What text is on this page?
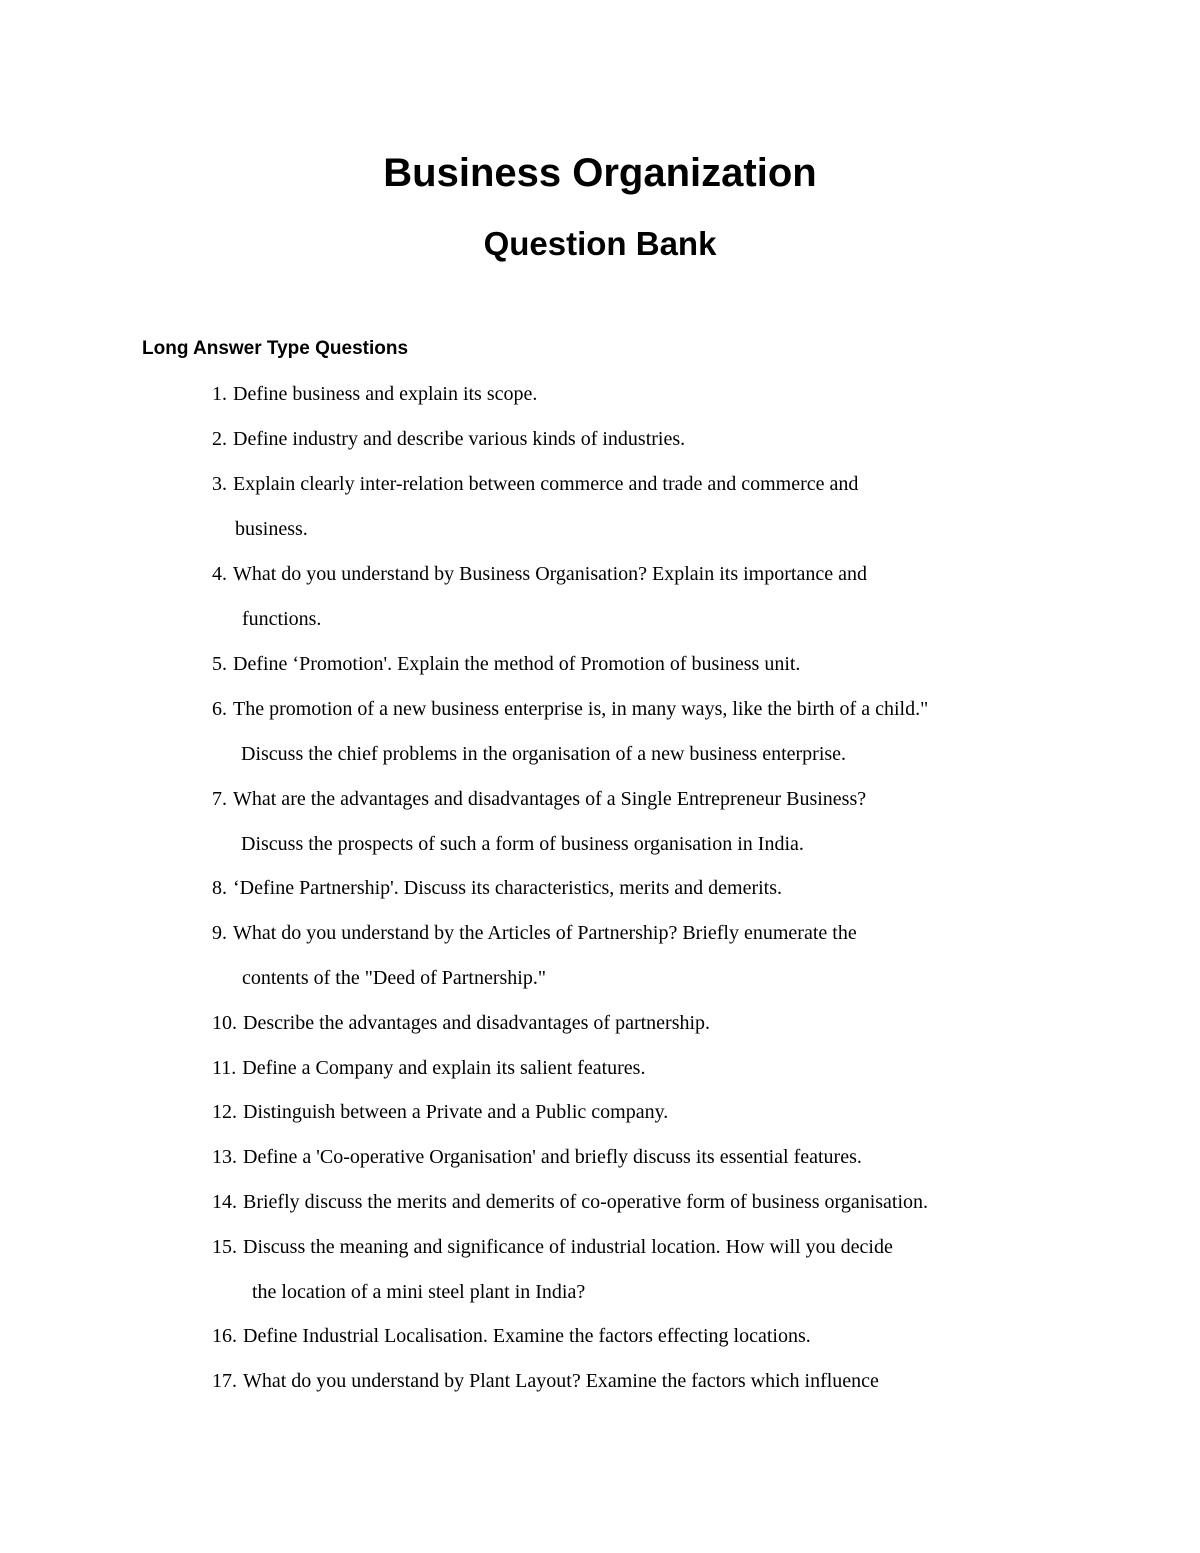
Business Organization
Question Bank
Long Answer Type Questions
1. Define business and explain its scope.
2. Define industry and describe various kinds of industries.
3. Explain clearly inter-relation between commerce and trade and commerce and
business.
4. What do you understand by Business Organisation? Explain its importance and
functions.
5. Define ‘Promotion'. Explain the method of Promotion of business unit.
6. The promotion of a new business enterprise is, in many ways, like the birth of a child."
Discuss the chief problems in the organisation of a new business enterprise.
7. What are the advantages and disadvantages of a Single Entrepreneur Business?
Discuss the prospects of such a form of business organisation in India.
8. ‘Define Partnership'. Discuss its characteristics, merits and demerits.
9. What do you understand by the Articles of Partnership? Briefly enumerate the
contents of the "Deed of Partnership."
10. Describe the advantages and disadvantages of partnership.
11. Define a Company and explain its salient features.
12. Distinguish between a Private and a Public company.
13. Define a 'Co-operative Organisation' and briefly discuss its essential features.
14. Briefly discuss the merits and demerits of co-operative form of business organisation.
15. Discuss the meaning and significance of industrial location. How will you decide
the location of a mini steel plant in India?
16. Define Industrial Localisation. Examine the factors effecting locations.
17. What do you understand by Plant Layout? Examine the factors which influence
